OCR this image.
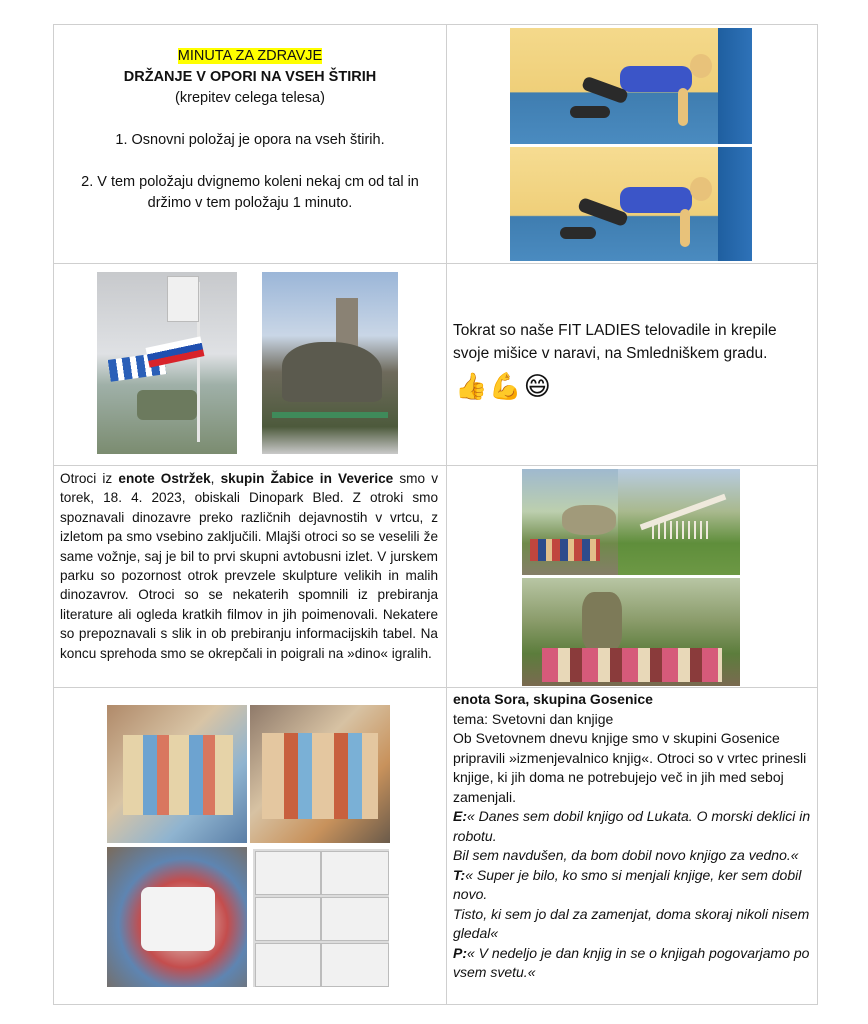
MINUTA ZA ZDRAVJE
DRŽANJE V OPORI NA VSEH ŠTIRIH
(krepitev celega telesa)
1. Osnovni položaj je opora na vseh štirih.
2. V tem položaju dvignemo koleni nekaj cm od tal in držimo v tem položaju 1 minuto.
Tokrat so naše FIT LADIES telovadile in krepile svoje mišice v naravi, na Smledniškem gradu.
👍💪😄
Otroci iz enote Ostržek, skupin Žabice in Veverice smo v torek, 18. 4. 2023, obiskali Dinopark Bled. Z otroki smo spoznavali dinozavre preko različnih dejavnostih v vrtcu, z izletom pa smo vsebino zaključili. Mlajši otroci so se veselili že same vožnje, saj je bil to prvi skupni avtobusni izlet. V jurskem parku so pozornost otrok prevzele skulpture velikih in malih dinozavrov. Otroci so se nekaterih spomnili iz prebiranja literature ali ogleda kratkih filmov in jih poimenovali. Nekatere so prepoznavali s slik in ob prebiranju informacijskih tabel. Na koncu sprehoda smo se okrepčali in poigrali na »dino« igralih.

enota Sora, skupina Gosenice

tema: Svetovni dan knjige

Ob Svetovnem dnevu knjige smo v skupini Gosenice pripravili »izmenjevalnico knjig«. Otroci so v vrtec prinesli knjige, ki jih doma ne potrebujejo več in jih med seboj zamenjali.

E:« Danes sem dobil knjigo od Lukata. O morski deklici in robotu.

Bil sem navdušen, da bom dobil novo knjigo za vedno.«

T:« Super je bilo, ko smo si menjali knjige, ker sem dobil novo.

Tisto, ki sem jo dal za zamenjat, doma skoraj nikoli nisem gledal«

P:« V nedeljo je dan knjig in se o knjigah pogovarjamo po vsem svetu.«
